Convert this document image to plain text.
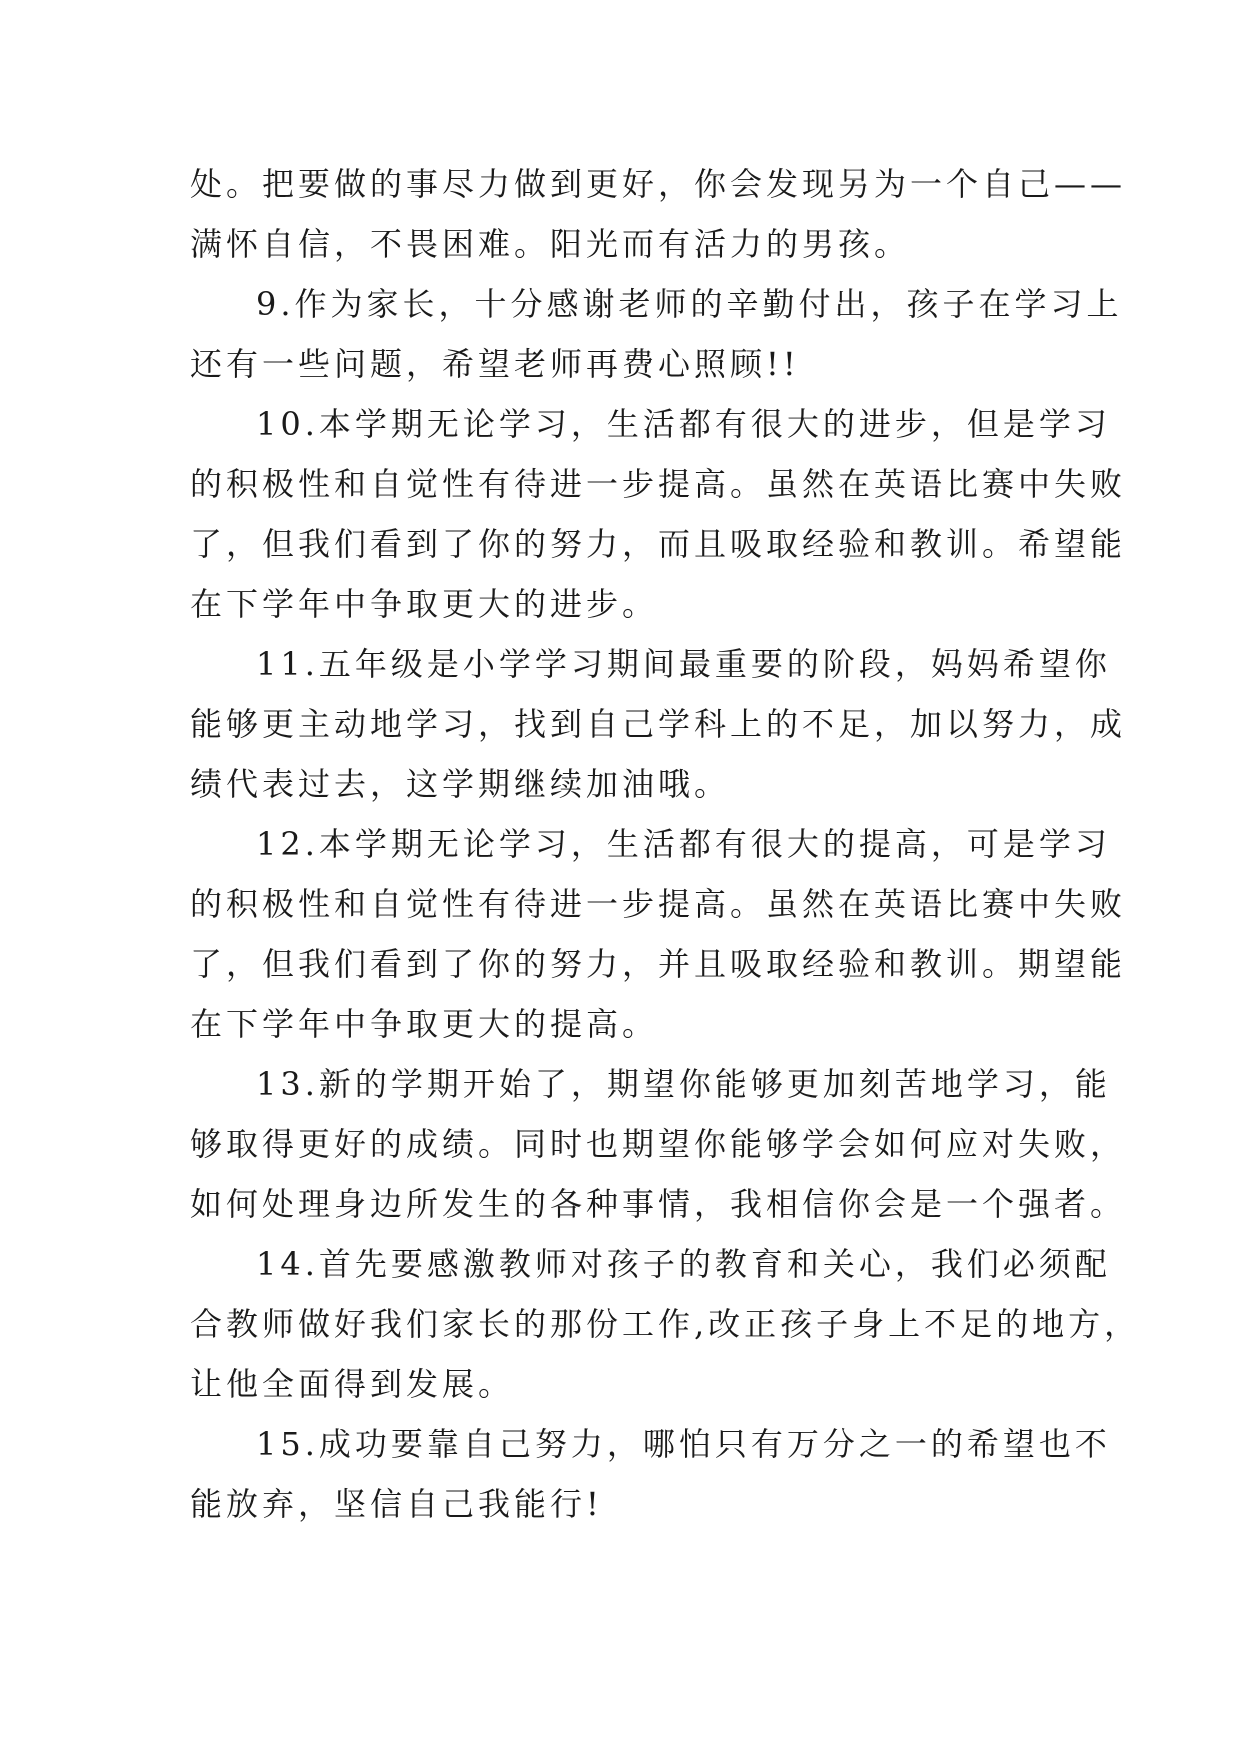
处。把要做的事尽力做到更好，你会发现另为一个自己——
满怀自信，不畏困难。阳光而有活力的男孩。

9.作为家长，十分感谢老师的辛勤付出，孩子在学习上
还有一些问题，希望老师再费心照顾!!

10.本学期无论学习，生活都有很大的进步，但是学习
的积极性和自觉性有待进一步提高。虽然在英语比赛中失败
了，但我们看到了你的努力，而且吸取经验和教训。希望能
在下学年中争取更大的进步。

11.五年级是小学学习期间最重要的阶段，妈妈希望你
能够更主动地学习，找到自己学科上的不足，加以努力，成
绩代表过去，这学期继续加油哦。

12.本学期无论学习，生活都有很大的提高，可是学习
的积极性和自觉性有待进一步提高。虽然在英语比赛中失败
了，但我们看到了你的努力，并且吸取经验和教训。期望能
在下学年中争取更大的提高。

13.新的学期开始了，期望你能够更加刻苦地学习，能
够取得更好的成绩。同时也期望你能够学会如何应对失败，
如何处理身边所发生的各种事情，我相信你会是一个强者。

14.首先要感激教师对孩子的教育和关心，我们必须配
合教师做好我们家长的那份工作,改正孩子身上不足的地方，
让他全面得到发展。

15.成功要靠自己努力，哪怕只有万分之一的希望也不
能放弃，坚信自己我能行!
